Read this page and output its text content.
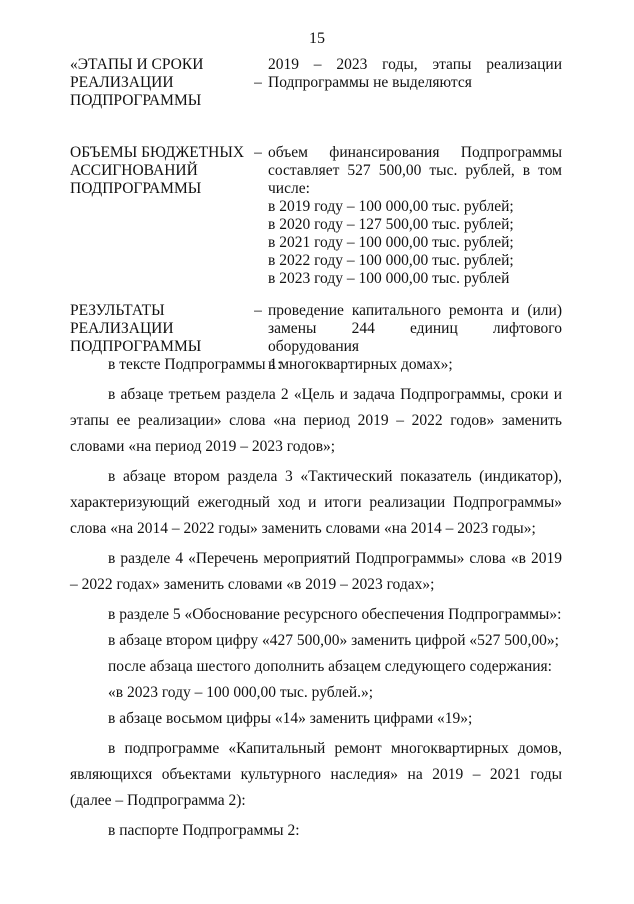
15
«ЭТАПЫ И СРОКИ РЕАЛИЗАЦИИ ПОДПРОГРАММЫ
–
2019 – 2023 годы, этапы реализации
Подпрограммы не выделяются
ОБЪЕМЫ БЮДЖЕТНЫХ АССИГНОВАНИЙ ПОДПРОГРАММЫ
– объем финансирования Подпрограммы
составляет 527 500,00 тыс. рублей, в том
числе:
в 2019 году – 100 000,00 тыс. рублей;
в 2020 году – 127 500,00 тыс. рублей;
в 2021 году – 100 000,00 тыс. рублей;
в 2022 году – 100 000,00 тыс. рублей;
в 2023 году – 100 000,00 тыс. рублей
РЕЗУЛЬТАТЫ РЕАЛИЗАЦИИ ПОДПРОГРАММЫ
– проведение капитального ремонта и (или)
замены 244 единиц лифтового оборудования
в многоквартирных домах»;

в тексте Подпрограммы 1:

в абзаце третьем раздела 2 «Цель и задача Подпрограммы, сроки и этапы ее реализации» слова «на период 2019 – 2022 годов» заменить словами «на период 2019 – 2023 годов»;

в абзаце втором раздела 3 «Тактический показатель (индикатор), характеризующий ежегодный ход и итоги реализации Подпрограммы» слова «на 2014 – 2022 годы» заменить словами «на 2014 – 2023 годы»;

в разделе 4 «Перечень мероприятий Подпрограммы» слова «в 2019 – 2022 годах» заменить словами «в 2019 – 2023 годах»;

в разделе 5 «Обоснование ресурсного обеспечения Подпрограммы»:

в абзаце втором цифру «427 500,00» заменить цифрой «527 500,00»;

после абзаца шестого дополнить абзацем следующего содержания:

«в 2023 году – 100 000,00 тыс. рублей.»;

в абзаце восьмом цифры «14» заменить цифрами «19»;

в подпрограмме «Капитальный ремонт многоквартирных домов, являющихся объектами культурного наследия» на 2019 – 2021 годы (далее – Подпрограмма 2):

в паспорте Подпрограммы 2:
